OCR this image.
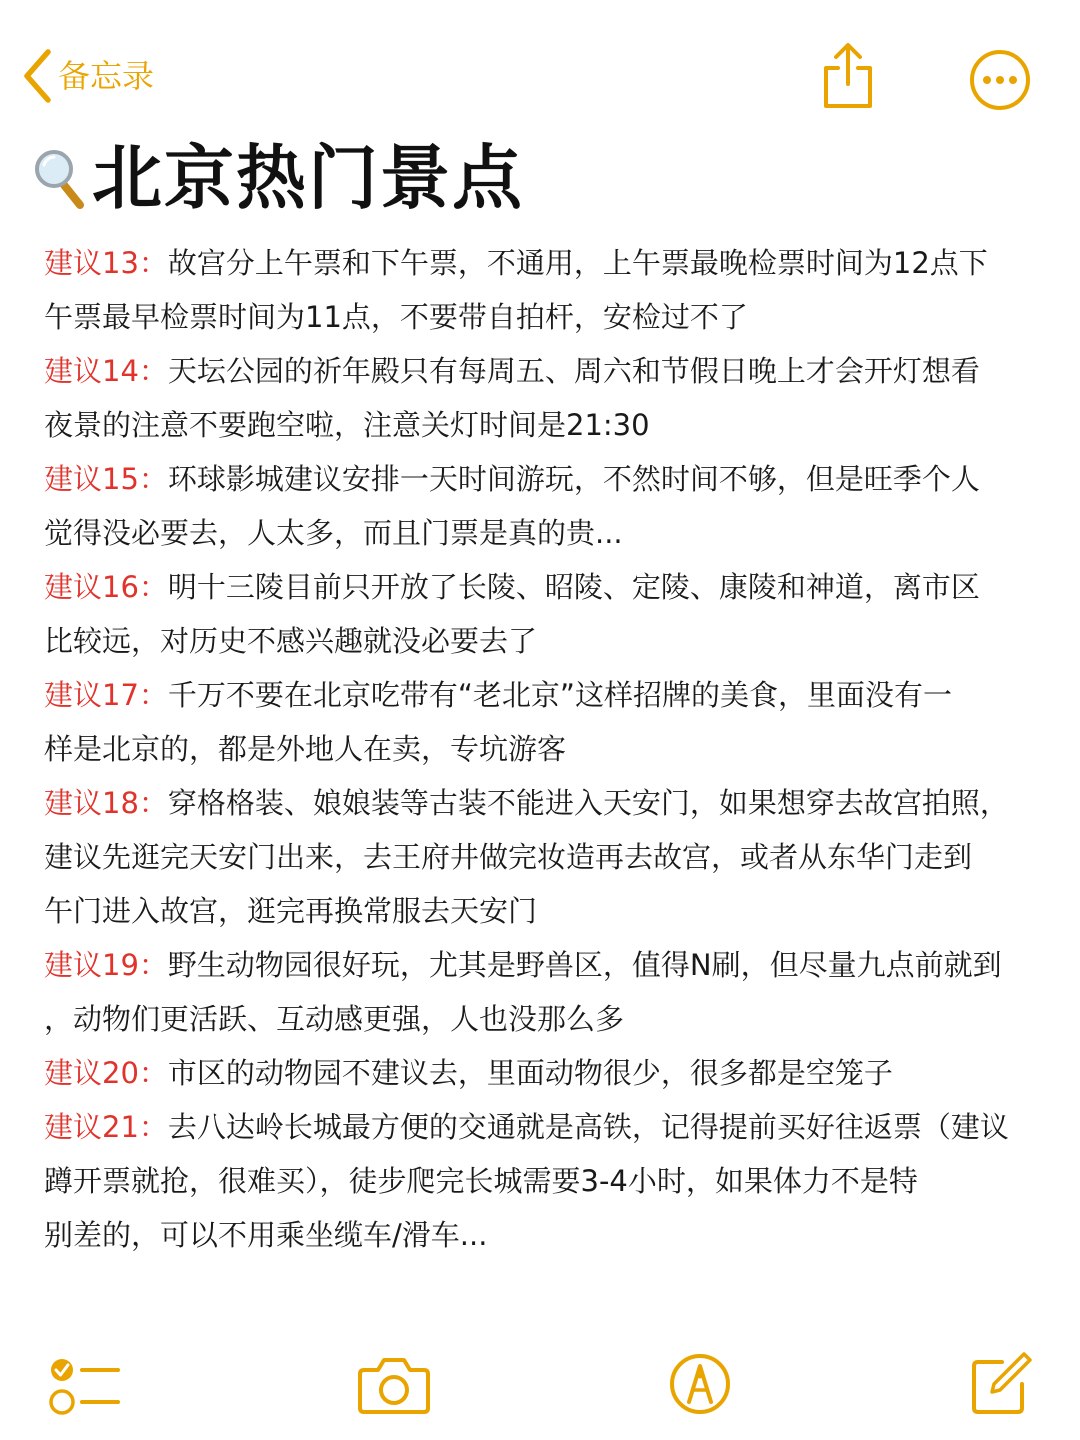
备忘录
北京热门景点

建议13：故宫分上午票和下午票，不通用，上午票最晚检票时间为12点下
午票最早检票时间为11点，不要带自拍杆，安检过不了

建议14：天坛公园的祈年殿只有每周五、周六和节假日晚上才会开灯想看
夜景的注意不要跑空啦，注意关灯时间是21:30

建议15：环球影城建议安排一天时间游玩，不然时间不够，但是旺季个人
觉得没必要去，人太多，而且门票是真的贵...

建议16：明十三陵目前只开放了长陵、昭陵、定陵、康陵和神道，离市区
比较远，对历史不感兴趣就没必要去了

建议17：千万不要在北京吃带有“老北京”这样招牌的美食，里面没有一
样是北京的，都是外地人在卖，专坑游客

建议18：穿格格装、娘娘装等古装不能进入天安门，如果想穿去故宫拍照，
建议先逛完天安门出来，去王府井做完妆造再去故宫，或者从东华门走到
午门进入故宫，逛完再换常服去天安门

建议19：野生动物园很好玩，尤其是野兽区，值得N刷，但尽量九点前就到
，动物们更活跃、互动感更强，人也没那么多

建议20：市区的动物园不建议去，里面动物很少，很多都是空笼子

建议21：去八达岭长城最方便的交通就是高铁，记得提前买好往返票（建议
蹲开票就抢，很难买），徒步爬完长城需要3-4小时，如果体力不是特
别差的，可以不用乘坐缆车/滑车...
